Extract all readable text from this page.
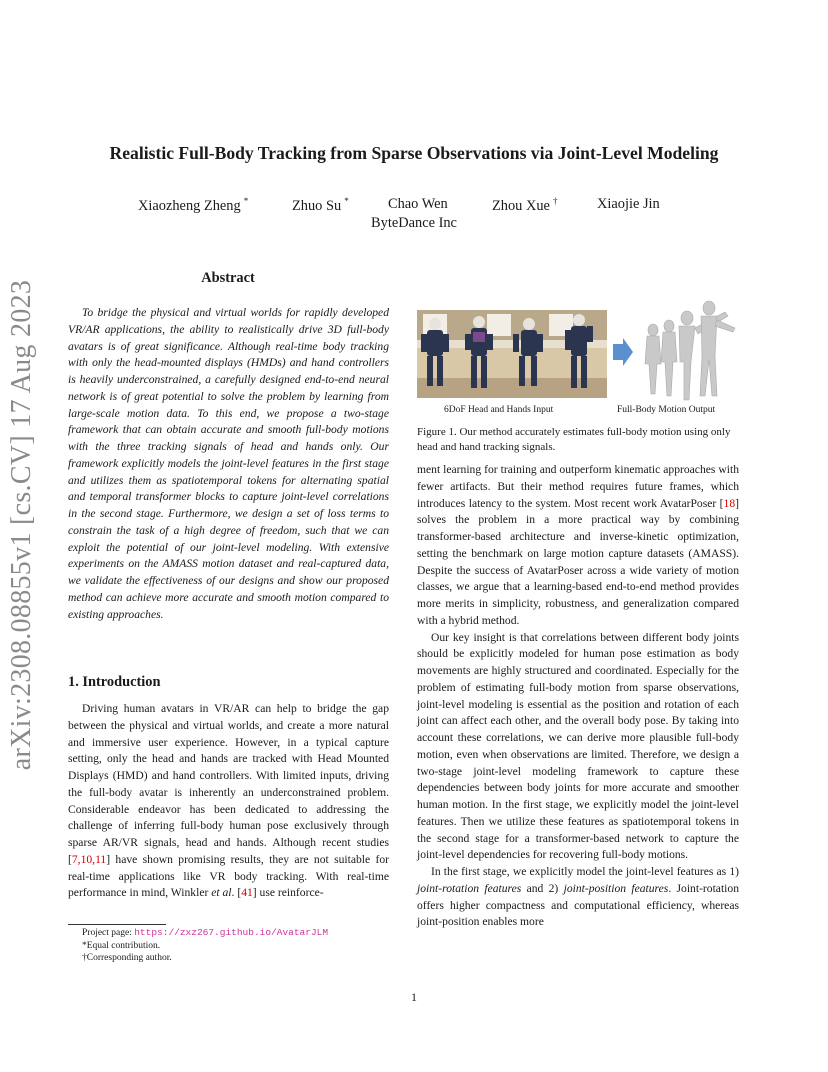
arXiv:2308.08855v1 [cs.CV] 17 Aug 2023
Realistic Full-Body Tracking from Sparse Observations via Joint-Level Modeling
Xiaozheng Zheng *	Zhuo Su *	Chao Wen	Zhou Xue †	Xiaojie Jin
ByteDance Inc
Abstract

To bridge the physical and virtual worlds for rapidly developed VR/AR applications, the ability to realistically drive 3D full-body avatars is of great significance. Although real-time body tracking with only the head-mounted displays (HMDs) and hand controllers is heavily underconstrained, a carefully designed end-to-end neural network is of great potential to solve the problem by learning from large-scale motion data. To this end, we propose a two-stage framework that can obtain accurate and smooth full-body motions with the three tracking signals of head and hands only. Our framework explicitly models the joint-level features in the first stage and utilizes them as spatiotemporal tokens for alternating spatial and temporal transformer blocks to capture joint-level correlations in the second stage. Furthermore, we design a set of loss terms to constrain the task of a high degree of freedom, such that we can exploit the potential of our joint-level modeling. With extensive experiments on the AMASS motion dataset and real-captured data, we validate the effectiveness of our designs and show our proposed method can achieve more accurate and smooth motion compared to existing approaches.

1. Introduction

Driving human avatars in VR/AR can help to bridge the gap between the physical and virtual worlds, and create a more natural and immersive user experience. However, in a typical capture setting, only the head and hands are tracked with Head Mounted Displays (HMD) and hand controllers. With limited inputs, driving the full-body avatar is inherently an underconstrained problem. Considerable endeavor has been dedicated to addressing the challenge of inferring full-body human pose exclusively through sparse AR/VR signals, head and hands. Although recent studies [7,10,11] have shown promising results, they are not suitable for real-time applications like VR body tracking. With real-time performance in mind, Winkler et al. [41] use reinforce-

6DoF Head and Hands Input	Full-Body Motion Output
Figure 1. Our method accurately estimates full-body motion using only head and hand tracking signals.

ment learning for training and outperform kinematic approaches with fewer artifacts. But their method requires future frames, which introduces latency to the system. Most recent work AvatarPoser [18] solves the problem in a more practical way by combining transformer-based architecture and inverse-kinetic optimization, setting the benchmark on large motion capture datasets (AMASS). Despite the success of AvatarPoser across a wide variety of motion classes, we argue that a learning-based end-to-end method provides more merits in simplicity, robustness, and generalization compared with a hybrid method.

Our key insight is that correlations between different body joints should be explicitly modeled for human pose estimation as body movements are highly structured and coordinated. Especially for the problem of estimating full-body motion from sparse observations, joint-level modeling is essential as the position and rotation of each joint can affect each other, and the overall body pose. By taking into account these correlations, we can derive more plausible full-body motion, even when observations are limited. Therefore, we design a two-stage joint-level modeling framework to capture these dependencies between body joints for more accurate and smoother human motion. In the first stage, we explicitly model the joint-level features. Then we utilize these features as spatiotemporal tokens in the second stage for a transformer-based network to capture the joint-level dependencies for recovering full-body motions.

In the first stage, we explicitly model the joint-level features as 1) joint-rotation features and 2) joint-position features. Joint-rotation offers higher compactness and computational efficiency, whereas joint-position enables more

Project page: https://zxz267.github.io/AvatarJLM
*Equal contribution.
†Corresponding author.
1
